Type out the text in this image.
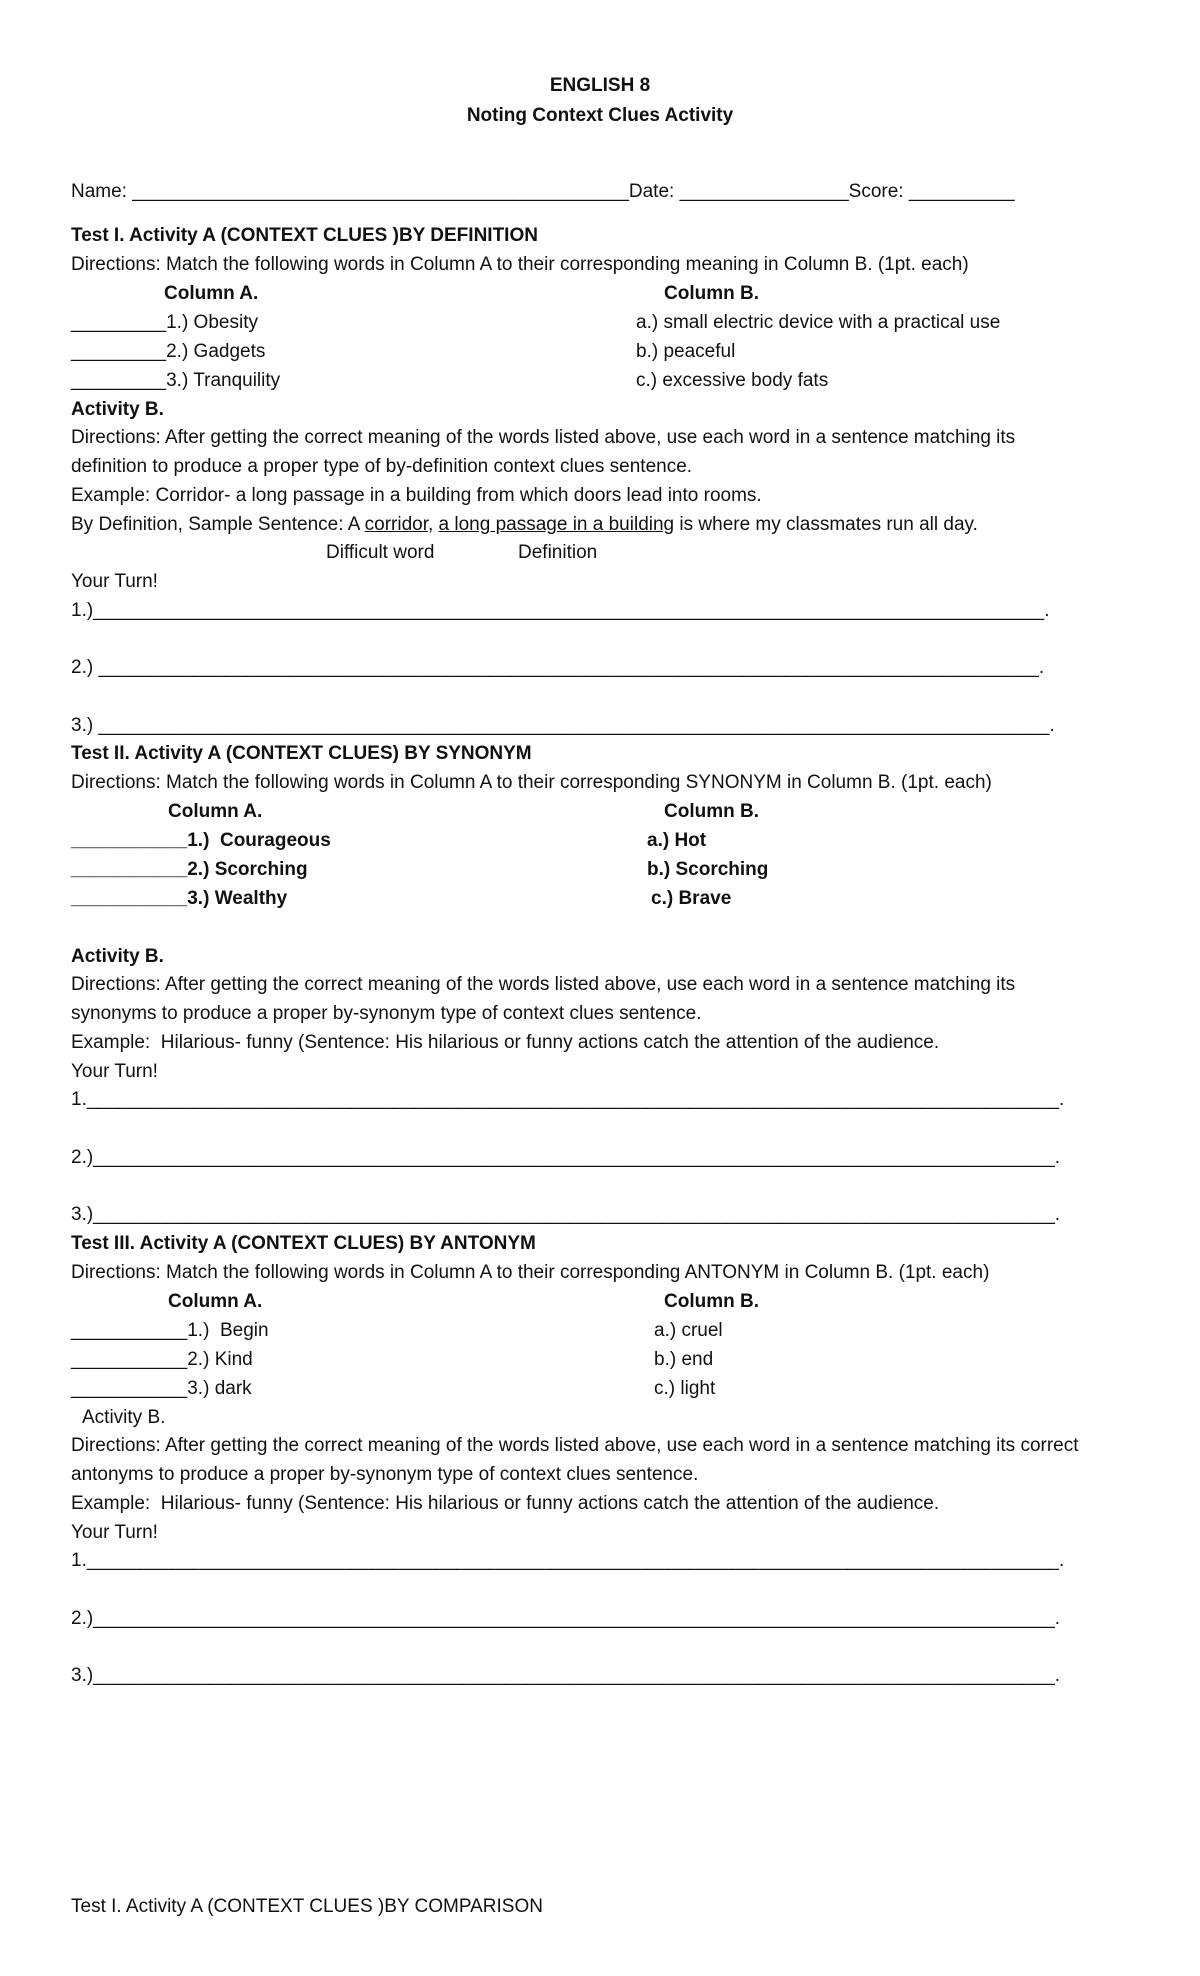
ENGLISH 8
Noting Context Clues Activity
Name: _______________________________________________Date: ________________Score: __________
Test I. Activity A (CONTEXT CLUES )BY DEFINITION
Directions: Match the following words in Column A to their corresponding meaning in Column B. (1pt. each)
Column A.	Column B.
_________1.) Obesity	a.) small electric device with a practical use
_________2.) Gadgets	b.) peaceful
_________3.) Tranquility	c.) excessive body fats
Activity B.
Directions: After getting the correct meaning of the words listed above, use each word in a sentence matching its
definition to produce a proper type of by-definition context clues sentence.
Example: Corridor- a long passage in a building from which doors lead into rooms.
By Definition, Sample Sentence: A corridor, a long passage in a building is where my classmates run all day.
Difficult word	Definition
Your Turn!
1.)__________________________________________________________________________________________.
2.) _________________________________________________________________________________________.
3.) __________________________________________________________________________________________.
Test II. Activity A (CONTEXT CLUES) BY SYNONYM
Directions: Match the following words in Column A to their corresponding SYNONYM in Column B. (1pt. each)
Column A.	Column B.
___________1.)  Courageous	a.) Hot
___________2.) Scorching	b.) Scorching
___________3.) Wealthy	c.) Brave
Activity B.
Directions: After getting the correct meaning of the words listed above, use each word in a sentence matching its
synonyms to produce a proper by-synonym type of context clues sentence.
Example:  Hilarious- funny (Sentence: His hilarious or funny actions catch the attention of the audience.
Your Turn!
1.____________________________________________________________________________________________.
2.)___________________________________________________________________________________________.
3.)___________________________________________________________________________________________.
Test III. Activity A (CONTEXT CLUES) BY ANTONYM
Directions: Match the following words in Column A to their corresponding ANTONYM in Column B. (1pt. each)
Column A.	Column B.
___________1.)  Begin	a.) cruel
___________2.) Kind	b.) end
___________3.) dark	c.) light
Activity B.
Directions: After getting the correct meaning of the words listed above, use each word in a sentence matching its correct
antonyms to produce a proper by-synonym type of context clues sentence.
Example:  Hilarious- funny (Sentence: His hilarious or funny actions catch the attention of the audience.
Your Turn!
1.____________________________________________________________________________________________.
2.)___________________________________________________________________________________________.
3.)___________________________________________________________________________________________.
Test I. Activity A (CONTEXT CLUES )BY COMPARISON
